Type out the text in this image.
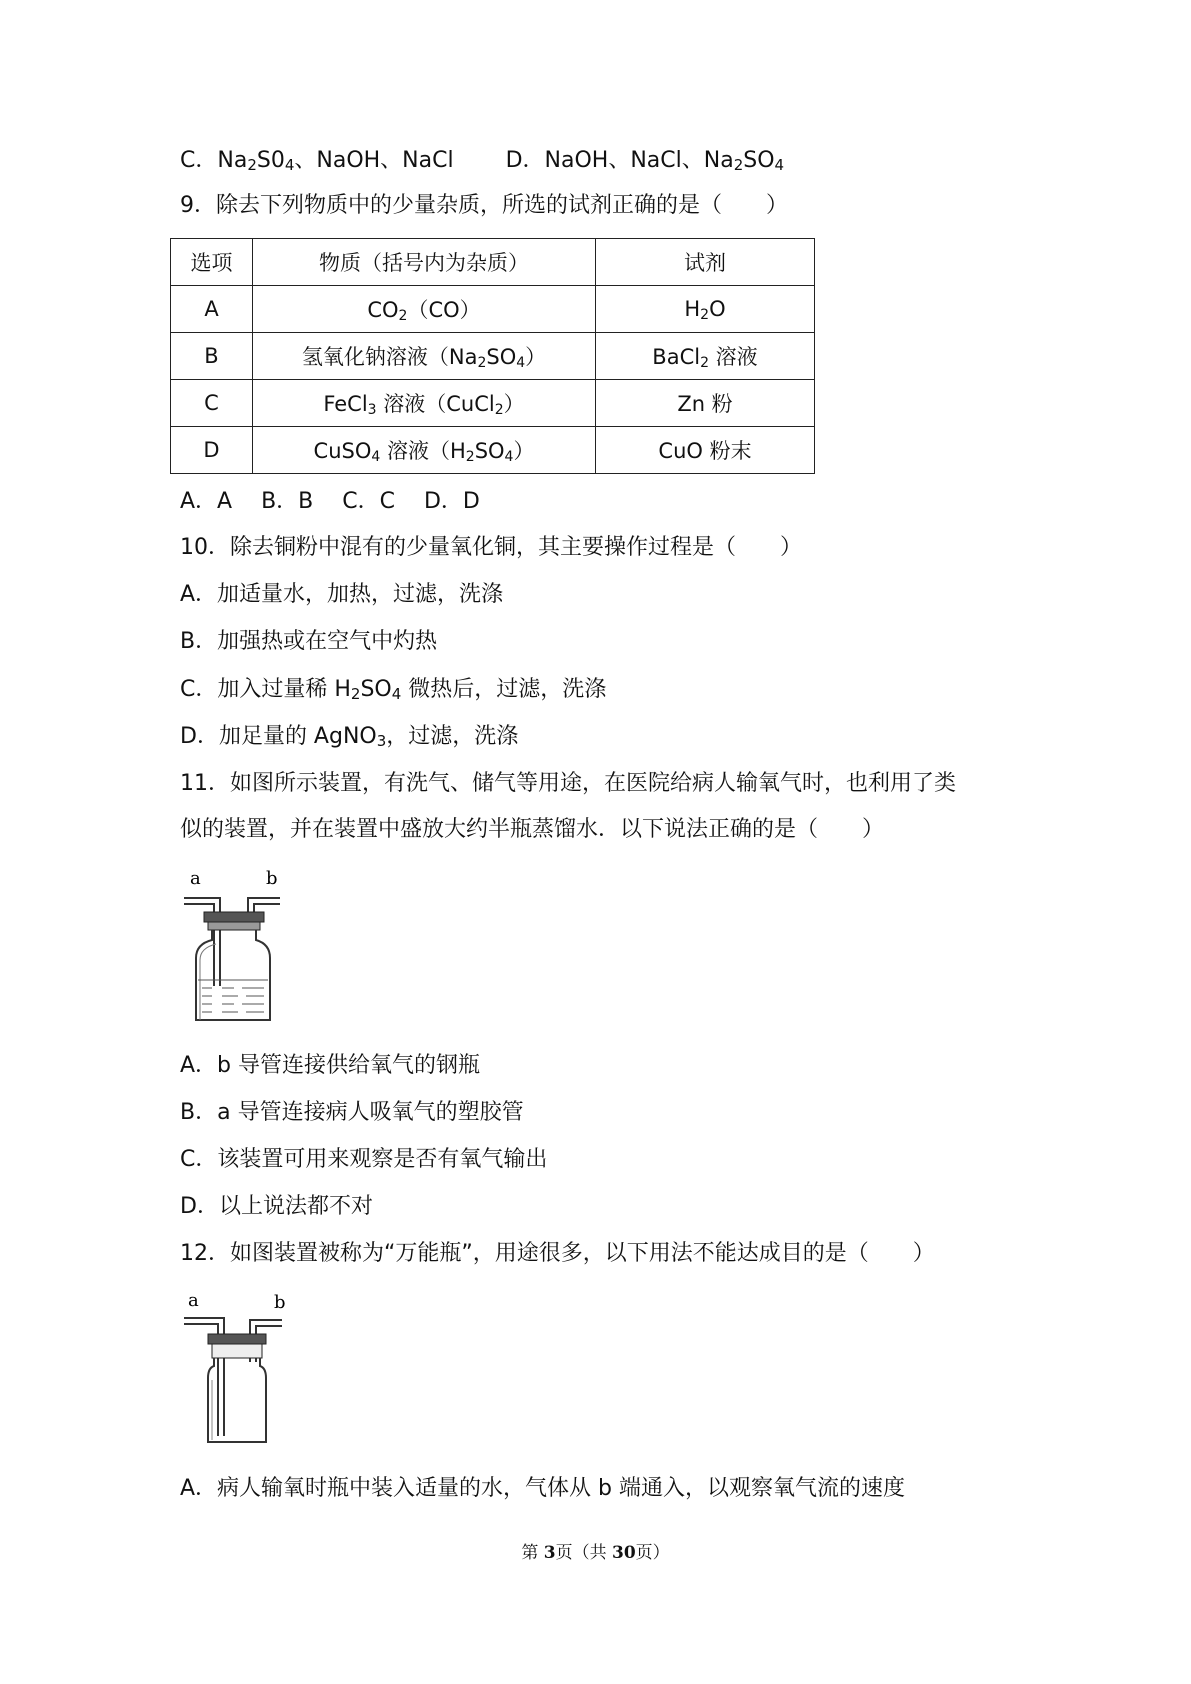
C．$Na_2S0_4$、NaOH、NaCl D．NaOH、NaCl、$Na_2SO_4$
9．除去下列物质中的少量杂质，所选的试剂正确的是（　　）
选项	物质（括号内为杂质）	试剂
A	$CO_2(CO)$	$H_2O$
B	氢氧化钠溶液$(Na_2SO_4)$	BaCl$_2$ 溶液
C	FeCl$_3$ 溶液（CuCl$_2$）	Zn 粉
D	CuSO$_4$ 溶液$(H_2SO_4)$	CuO 粉末
A．A　 B．B　 C．C　 D．D
10．除去铜粉中混有的少量氧化铜，其主要操作过程是（　　）
A．加适量水，加热，过滤，洗涤
B．加强热或在空气中灼热
C．加入过量稀 $H_2SO_4$ 微热后，过滤，洗涤
D．加足量的 AgNO$_3$，过滤，洗涤
11．如图所示装置，有洗气、储气等用途，在医院给病人输氧气时，也利用了类
似的装置，并在装置中盛放大约半瓶蒸馏水．以下说法正确的是（　　）
a	b
A．b 导管连接供给氧气的钢瓶
B．a 导管连接病人吸氧气的塑胶管
C．该装置可用来观察是否有氧气输出
D．以上说法都不对
12．如图装置被称为“万能瓶”，用途很多，以下用法不能达成目的是（　　）
a	b
A．病人输氧时瓶中装入适量的水，气体从 b 端通入，以观察氧气流的速度
第 3页（共 30页）
